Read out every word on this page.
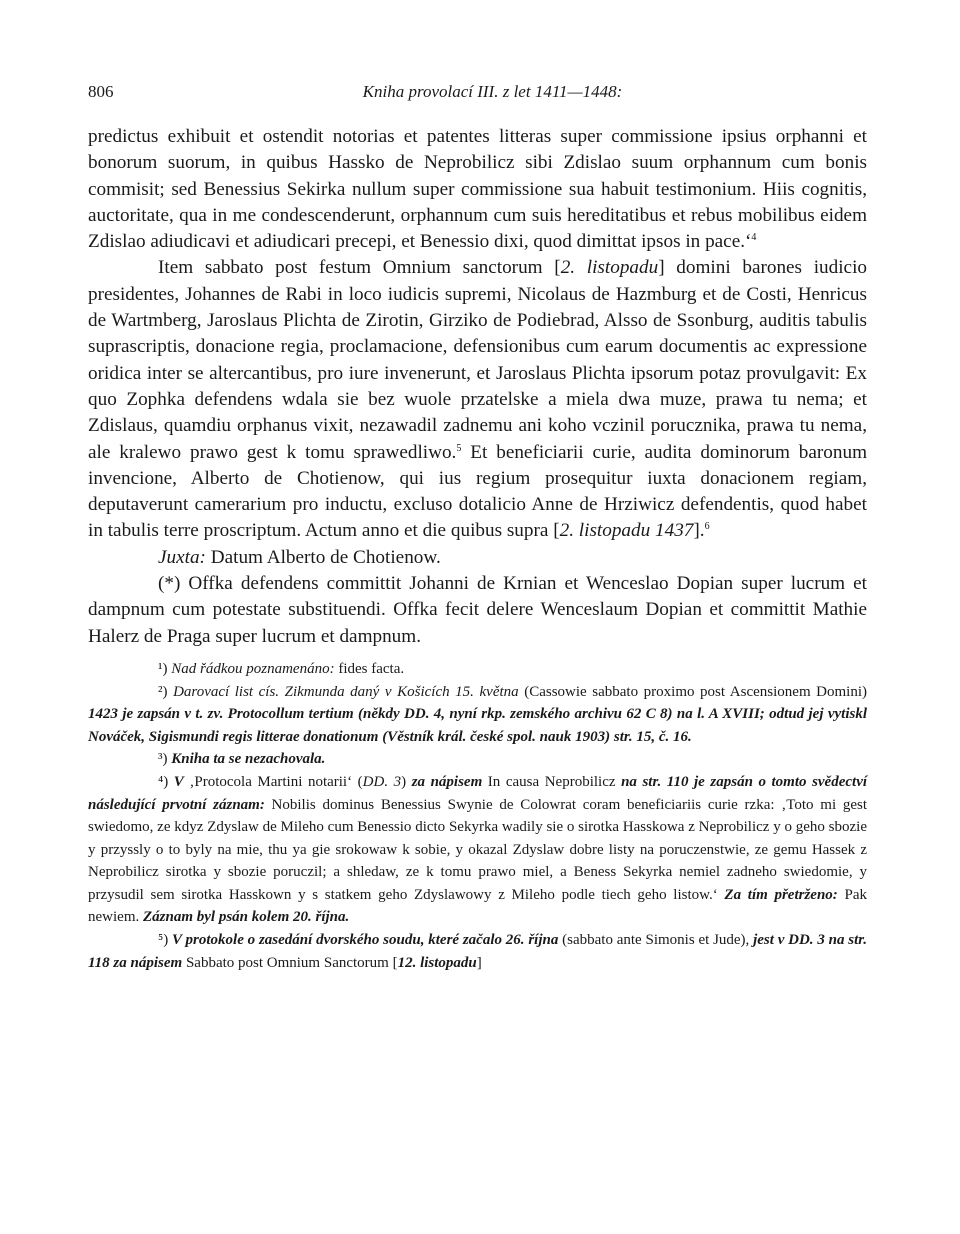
806	Kniha provolací III. z let 1411—1448:

predictus exhibuit et ostendit notorias et patentes litteras super commissione ipsius orphanni et bonorum suorum, in quibus Hassko de Neprobilicz sibi Zdislao suum orphannum cum bonis commisit; sed Benessius Sekirka nullum super commissione sua habuit testimonium. Hiis cognitis, auctoritate, qua in me condescenderunt, orphannum cum suis hereditatibus et rebus mobilibus eidem Zdislao adiudicavi et adiudicari precepi, et Benessio dixi, quod dimittat ipsos in pace.‘$^4$

Item sabbato post festum Omnium sanctorum [2. listopadu] domini barones iudicio presidentes, Johannes de Rabi in loco iudicis supremi, Nicolaus de Hazmburg et de Costi, Henricus de Wartmberg, Jaroslaus Plichta de Zirotin, Girziko de Podiebrad, Alsso de Ssonburg, auditis tabulis suprascriptis, donacione regia, proclamacione, defensionibus cum earum documentis ac expressione oridica inter se altercantibus, pro iure invenerunt, et Jaroslaus Plichta ipsorum potaz provulgavit: Ex quo Zophka defendens wdala sie bez wuole przatelske a miela dwa muze, prawa tu nema; et Zdislaus, quamdiu orphanus vixit, nezawadil zadnemu ani koho vczinil porucznika, prawa tu nema, ale kralewo prawo gest k tomu sprawedliwo.$^5$ Et beneficiarii curie, audita dominorum baronum invencione, Alberto de Chotienow, qui ius regium prosequitur iuxta donacionem regiam, deputaverunt camerarium pro inductu, excluso dotalicio Anne de Hrziwicz defendentis, quod habet in tabulis terre proscriptum. Actum anno et die quibus supra [2. listopadu 1437].$^6$

Juxta: Datum Alberto de Chotienow.

(*) Offka defendens committit Johanni de Krnian et Wenceslao Dopian super lucrum et dampnum cum potestate substituendi. Offka fecit delere Wenceslaum Dopian et committit Mathie Halerz de Praga super lucrum et dampnum.

¹) Nad řádkou poznamenáno: fides facta.

²) Darovací list cís. Zikmunda daný v Košicích 15. května (Cassowie sabbato proximo post Ascensionem Domini) 1423 je zapsán v t. zv. Protocollum tertium (někdy DD. 4, nyní rkp. zemského archivu 62 C 8) na l. A XVIII; odtud jej vytiskl Nováček, Sigismundi regis litterae donationum (Věstník král. české spol. nauk 1903) str. 15, č. 16.

³) Kniha ta se nezachovala.

⁴) V ‚Protocola Martini notarii‘ (DD. 3) za nápisem In causa Neprobilicz na str. 110 je zapsán o tomto svědectví následující prvotní záznam: Nobilis dominus Benessius Swynie de Colowrat coram beneficiariis curie rzka: ‚Toto mi gest swiedomo, ze kdyz Zdyslaw de Mileho cum Benessio dicto Sekyrka wadily sie o sirotka Hasskowa z Neprobilicz y o geho sbozie y przyssly o to byly na mie, thu ya gie srokowaw k sobie, y okazal Zdyslaw dobre listy na poruczenstwie, ze gemu Hassek z Neprobilicz sirotka y sbozie poruczil; a shledaw, ze k tomu prawo miel, a Beness Sekyrka nemiel zadneho swiedomie, y przysudil sem sirotka Hasskown y s statkem geho Zdyslawowy z Mileho podle tiech geho listow.‘ Za tím přetrženo: Pak newiem. Záznam byl psán kolem 20. října.

⁵) V protokole o zasedání dvorského soudu, které začalo 26. října (sabbato ante Simonis et Jude), jest v DD. 3 na str. 118 za nápisem Sabbato post Omnium Sanctorum [12. listopadu]
